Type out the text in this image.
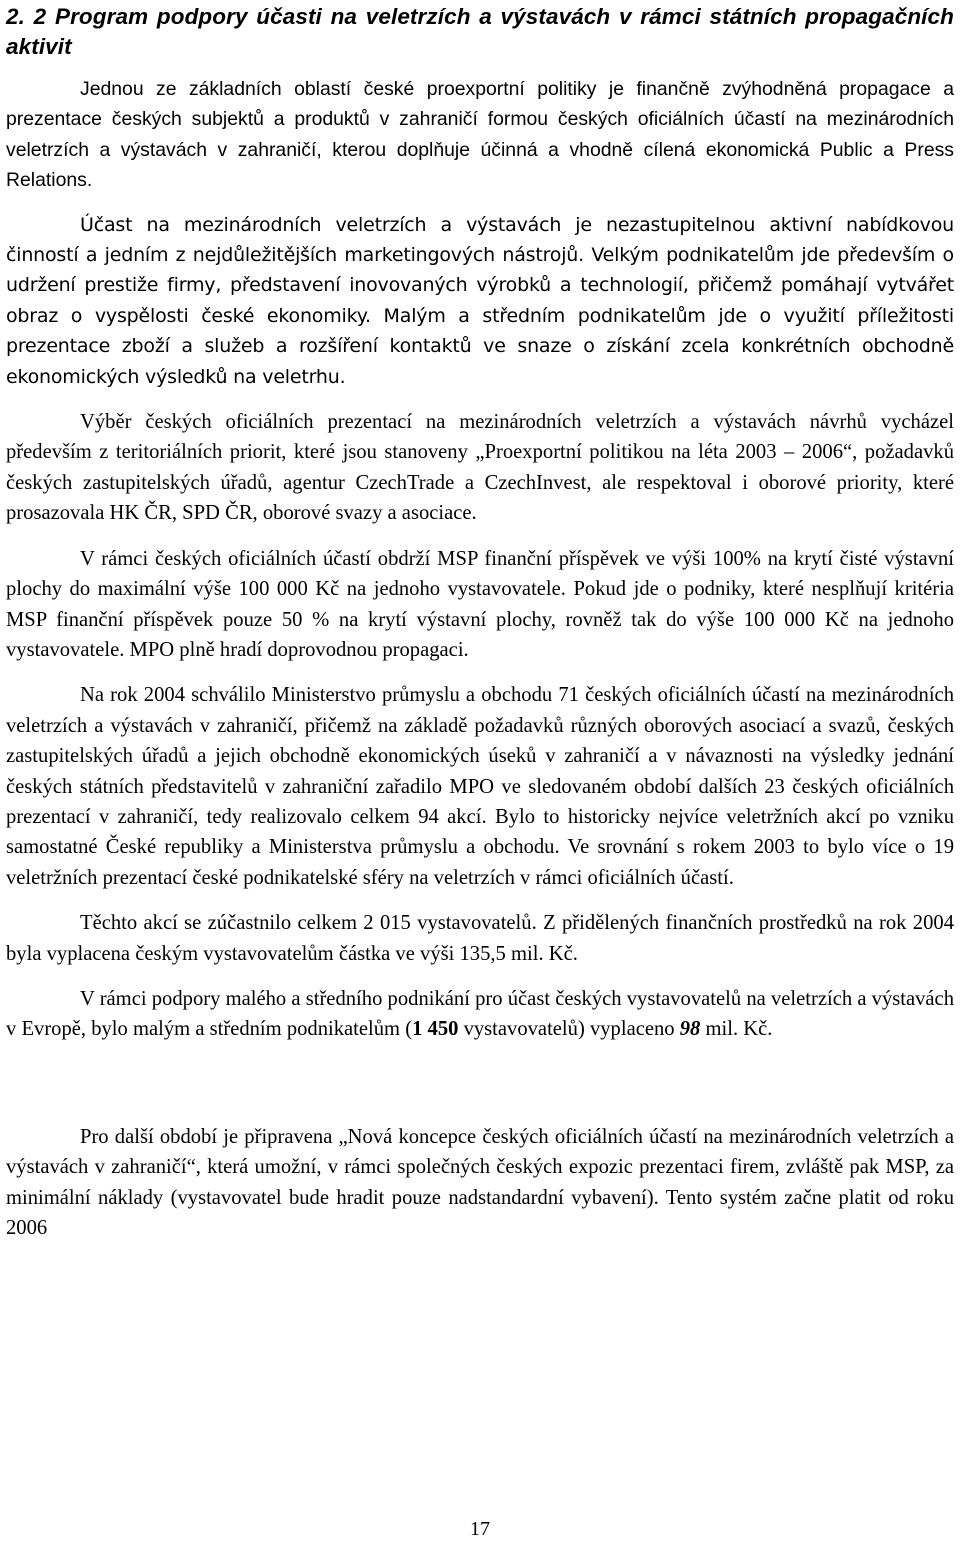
2. 2 Program podpory účasti na veletrzích a výstavách v rámci státních propagačních aktivit

Jednou ze základních oblastí české proexportní politiky je finančně zvýhodněná propagace a prezentace českých subjektů a produktů v zahraničí formou českých oficiálních účastí na mezinárodních veletrzích a výstavách v zahraničí, kterou doplňuje účinná a vhodně cílená ekonomická Public a Press Relations.

Účast na mezinárodních veletrzích a výstavách je nezastupitelnou aktivní nabídkovou činností a jedním z nejdůležitějších marketingových nástrojů. Velkým podnikatelům jde především o udržení prestiže firmy, představení inovovaných výrobků a technologií, přičemž pomáhají vytvářet obraz o vyspělosti české ekonomiky. Malým a středním podnikatelům jde o využití příležitosti prezentace zboží a služeb a rozšíření kontaktů ve snaze o získání zcela konkrétních obchodně ekonomických výsledků na veletrhu.

Výběr českých oficiálních prezentací na mezinárodních veletrzích a výstavách návrhů vycházel především z teritoriálních priorit, které jsou stanoveny „Proexportní politikou na léta 2003 – 2006“, požadavků českých zastupitelských úřadů, agentur CzechTrade a CzechInvest, ale respektoval i oborové priority, které prosazovala HK ČR, SPD ČR, oborové svazy a asociace.

V rámci českých oficiálních účastí obdrží MSP finanční příspěvek ve výši 100% na krytí čisté výstavní plochy do maximální výše 100 000 Kč na jednoho vystavovatele. Pokud jde o podniky, které nesplňují kritéria MSP finanční příspěvek pouze 50 % na krytí výstavní plochy, rovněž tak do výše 100 000 Kč na jednoho vystavovatele. MPO plně hradí doprovodnou propagaci.

Na rok 2004 schválilo Ministerstvo průmyslu a obchodu 71 českých oficiálních účastí na mezinárodních veletrzích a výstavách v zahraničí, přičemž na základě požadavků různých oborových asociací a svazů, českých zastupitelských úřadů a jejich obchodně ekonomických úseků v zahraničí a v návaznosti na výsledky jednání českých státních představitelů v zahraniční zařadilo MPO ve sledovaném období dalších 23 českých oficiálních prezentací v zahraničí, tedy realizovalo celkem 94 akcí. Bylo to historicky nejvíce veletržních akcí po vzniku samostatné České republiky a Ministerstva průmyslu a obchodu. Ve srovnání s rokem 2003 to bylo více o 19 veletržních prezentací české podnikatelské sféry na veletrzích v rámci oficiálních účastí.

Těchto akcí se zúčastnilo celkem 2 015 vystavovatelů. Z přidělených finančních prostředků na rok 2004 byla vyplacena českým vystavovatelům částka ve výši 135,5 mil. Kč.

V rámci podpory malého a středního podnikání pro účast českých vystavovatelů na veletrzích a výstavách v Evropě, bylo malým a středním podnikatelům (1 450 vystavovatelů) vyplaceno 98 mil. Kč.

Pro další období je připravena „Nová koncepce českých oficiálních účastí na mezinárodních veletrzích a výstavách v zahraničí“, která umožní, v rámci společných českých expozic prezentaci firem, zvláště pak MSP, za minimální náklady (vystavovatel bude hradit pouze nadstandardní vybavení). Tento systém začne platit od roku 2006

17
